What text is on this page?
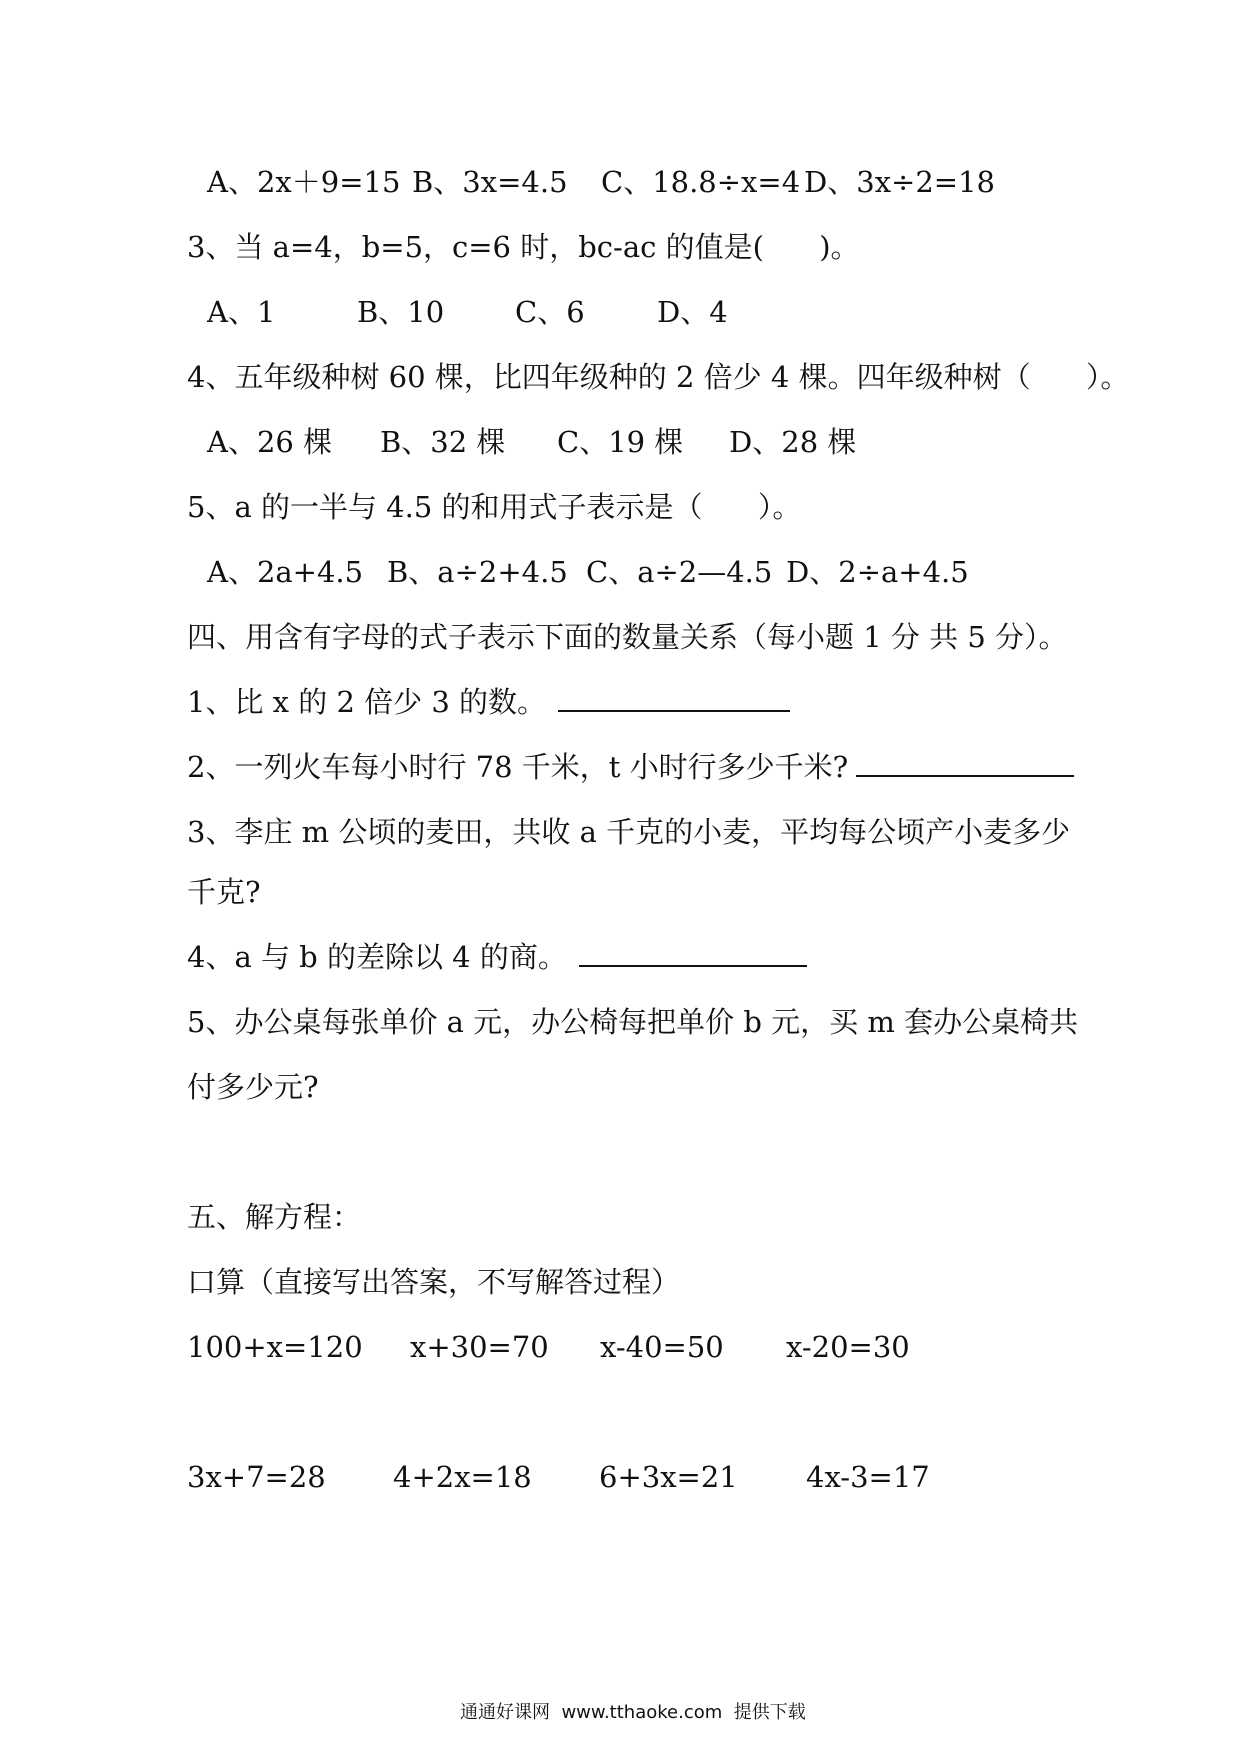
A、2x＋9=15 B、3x=4.5 C、18.8÷x=4 D、3x÷2=18
3、当 a=4，b=5，c=6 时，bc-ac 的值是(      )。
A、1	B、10 C、6 D、4
4、五年级种树 60 棵，比四年级种的 2 倍少 4 棵。四年级种树（      ）。
A、26 棵 B、32 棵 C、19 棵 D、28 棵
5、a 的一半与 4.5 的和用式子表示是（      ）。
A、2a+4.5 B、a÷2+4.5 C、a÷2—4.5 D、2÷a+4.5
四、用含有字母的式子表示下面的数量关系（每小题 1 分 共 5 分）。
1、比 x 的 2 倍少 3 的数。
2、一列火车每小时行 78 千米，t 小时行多少千米?
3、李庄 m 公顷的麦田，共收 a 千克的小麦，平均每公顷产小麦多少
千克?
4、a 与 b 的差除以 4 的商。
5、办公桌每张单价 a 元，办公椅每把单价 b 元，买 m 套办公桌椅共
付多少元?
五、解方程：
口算（直接写出答案，不写解答过程）
100+x=120 x+30=70 x-40=50 x-20=30
3x+7=28 4+2x=18 6+3x=21 4x-3=17
通通好课网  www.tthaoke.com  提供下载
